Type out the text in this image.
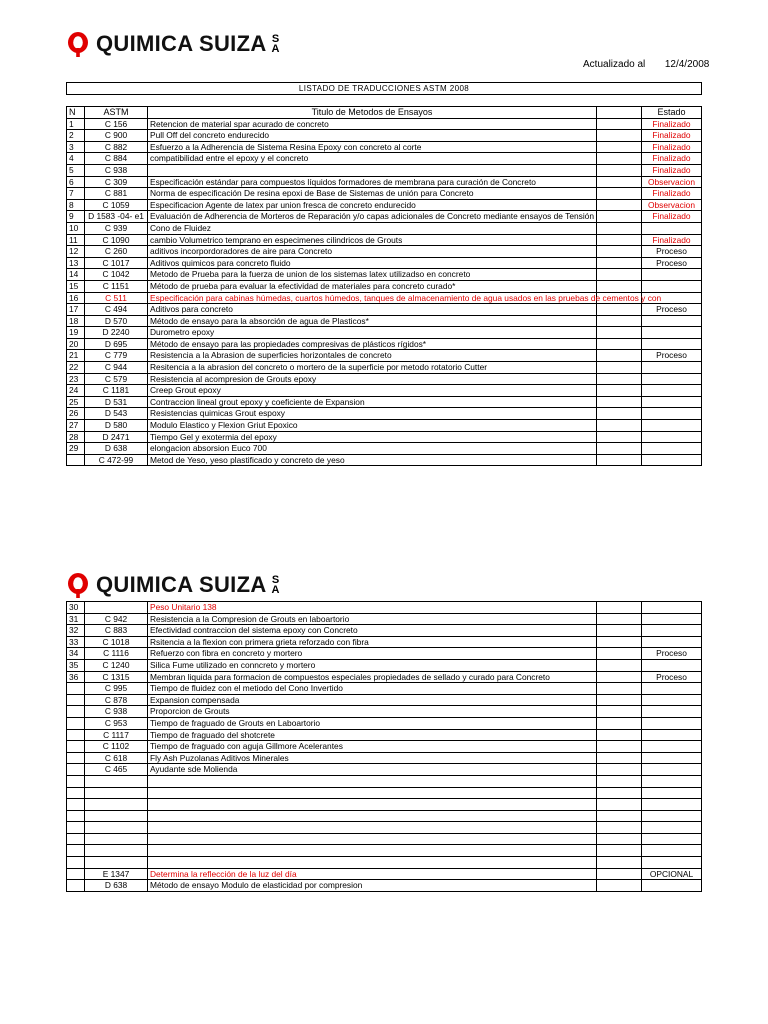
QUIMICA SUIZA S
A
Actualizado al 12/4/2008
LISTADO DE TRADUCCIONES ASTM 2008
N	ASTM	Titulo de Metodos de Ensayos		Estado
1	C 156	Retencion de material spar acurado de concreto		Finalizado
2	C 900	Pull Off del concreto endurecido		Finalizado
3	C 882	Esfuerzo a la Adherencia de Sistema Resina Epoxy con concreto al corte		Finalizado
4	C 884	compatibilidad entre el epoxy y el concreto		Finalizado
5	C 938			Finalizado
6	C 309	Especificación estándar para compuestos líquidos formadores de membrana para curación de Concreto		Observacion
7	C 881	Norma de especificación De resina epoxi de Base de Sistemas de unión para Concreto		Finalizado
8	C 1059	Especificacion Agente de latex par union fresca de concreto endurecido		Observacion
9	D 1583 -04- e1	Evaluación de Adherencia de Morteros de Reparación y/o capas adicionales de Concreto mediante ensayos de Tensión		Finalizado
10	C 939	Cono de Fluidez		
11	C 1090	cambio Volumetrico temprano en especimenes cilindricos de Grouts		Finalizado
12	C 260	aditivos incorpordoradores de aire para Concreto		Proceso
13	C 1017	Aditivos quimicos para concreto fluido		Proceso
14	C 1042	Metodo de Prueba para la fuerza de union de los sistemas latex utilizadso en concreto		
15	C 1151	Método de prueba para evaluar la efectividad de materiales para concreto curado*		
16	C 511	Especificación para cabinas húmedas, cuartos húmedos, tanques de almacenamiento de agua usados en las pruebas de cementos y con		
17	C 494	Aditivos para concreto		Proceso
18	D 570	Método de ensayo para la absorción de agua de Plasticos*		
19	D 2240	Durometro epoxy		
20	D 695	Método de ensayo para las propiedades compresivas de plásticos rígidos*		
21	C 779	Resistencia a la Abrasion de superficies horizontales de concreto		Proceso
22	C 944	Resitencia a la abrasion del concreto o mortero de la superficie por metodo rotatorio Cutter		
23	C 579	Resistencia al acompresion de Grouts epoxy		
24	C 1181	Creep Grout epoxy		
25	D 531	Contraccion lineal grout epoxy y coeficiente de Expansion		
26	D 543	Resistencias quimicas Grout espoxy		
27	D 580	Modulo Elastico y Flexion Griut Epoxico		
28	D 2471	Tiempo Gel y exotermia del epoxy		
29	D 638	elongacion absorsion Euco 700		
	C 472-99	Metod de Yeso, yeso plastificado y concreto de yeso		
QUIMICA SUIZA S
A
30		Peso Unitario 138		
31	C 942	Resistencia a la Compresion de Grouts en laboartorio		
32	C 883	Efectividad contraccion del sistema epoxy con Concreto		
33	C 1018	Rsitencia a la flexion con primera grieta reforzado con fibra		
34	C 1116	Refuerzo con fibra en concreto y mortero		Proceso
35	C 1240	Silica Fume utilizado en conncreto y mortero		
36	C 1315	Membran liquida para formacion de compuestos especiales propiedades de sellado y curado para Concreto		Proceso
	C 995	Tiempo de fluidez con el metiodo del Cono Invertido		
	C 878	Expansion compensada		
	C 938	Proporcion de Grouts		
	C 953	Tiempo de fraguado de Grouts en Laboartorio		
	C 1117	Tiempo de fraguado del shotcrete		
	C 1102	Tiempo de fraguado con aguja Gillmore Acelerantes		
	C 618	Fly Ash Puzolanas Aditivos Minerales		
	C 465	Ayudante sde Molienda		

	E 1347	Determina la reflección de la luz del día		OPCIONAL
	D 638	Método de ensayo Modulo de elasticidad por compresion		
